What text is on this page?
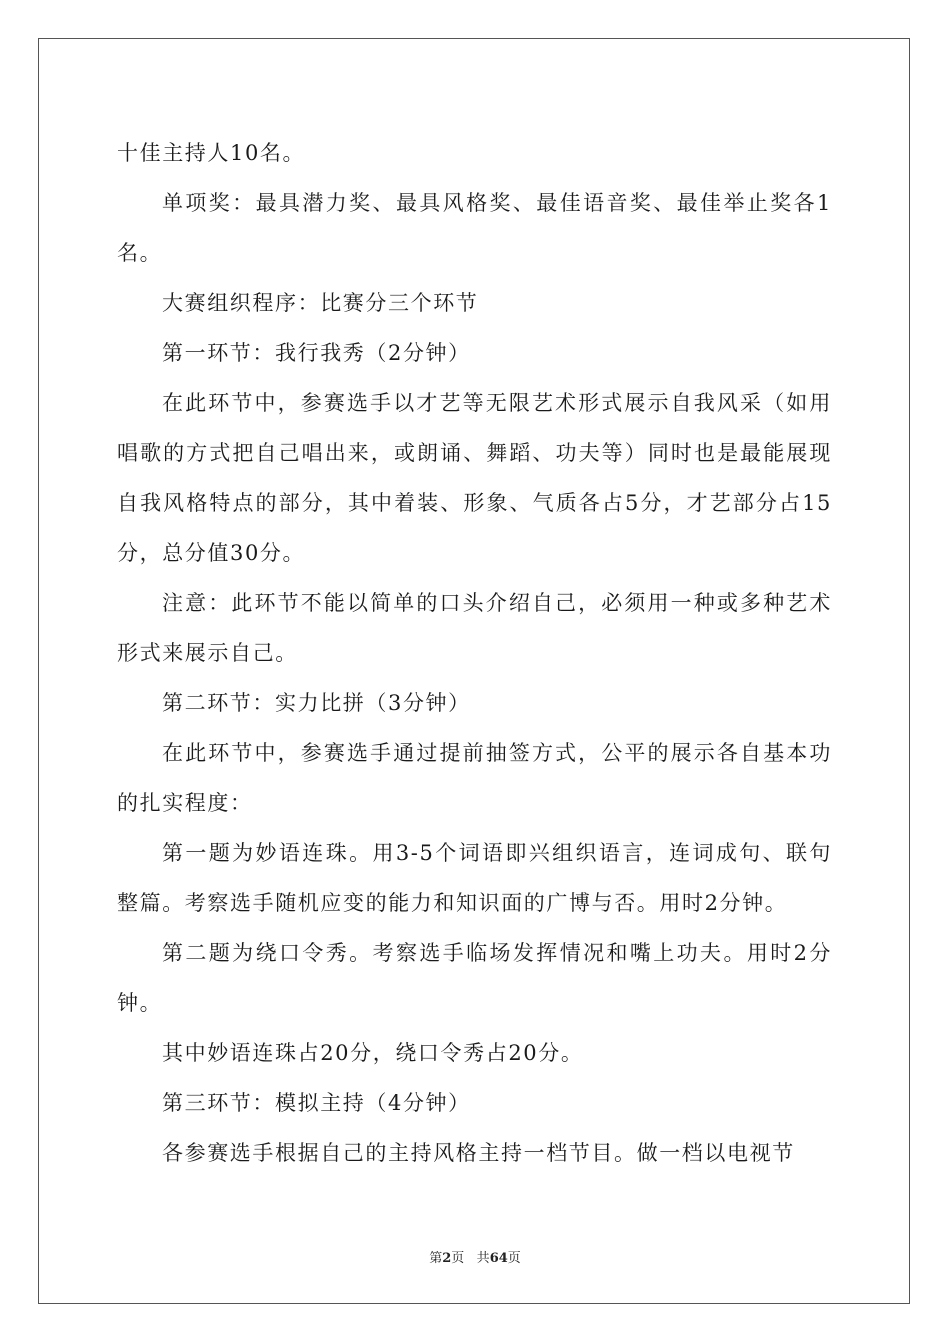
十佳主持人10名。

单项奖：最具潜力奖、最具风格奖、最佳语音奖、最佳举止奖各1名。

大赛组织程序：比赛分三个环节

第一环节：我行我秀（2分钟）

在此环节中，参赛选手以才艺等无限艺术形式展示自我风采（如用唱歌的方式把自己唱出来，或朗诵、舞蹈、功夫等）同时也是最能展现自我风格特点的部分，其中着装、形象、气质各占5分，才艺部分占15分，总分值30分。

注意：此环节不能以简单的口头介绍自己，必须用一种或多种艺术形式来展示自己。

第二环节：实力比拼（3分钟）

在此环节中，参赛选手通过提前抽签方式，公平的展示各自基本功的扎实程度：

第一题为妙语连珠。用3-5个词语即兴组织语言，连词成句、联句整篇。考察选手随机应变的能力和知识面的广博与否。用时2分钟。

第二题为绕口令秀。考察选手临场发挥情况和嘴上功夫。用时2分钟。

其中妙语连珠占20分，绕口令秀占20分。

第三环节：模拟主持（4分钟）

各参赛选手根据自己的主持风格主持一档节目。做一档以电视节

第2页 共64页
